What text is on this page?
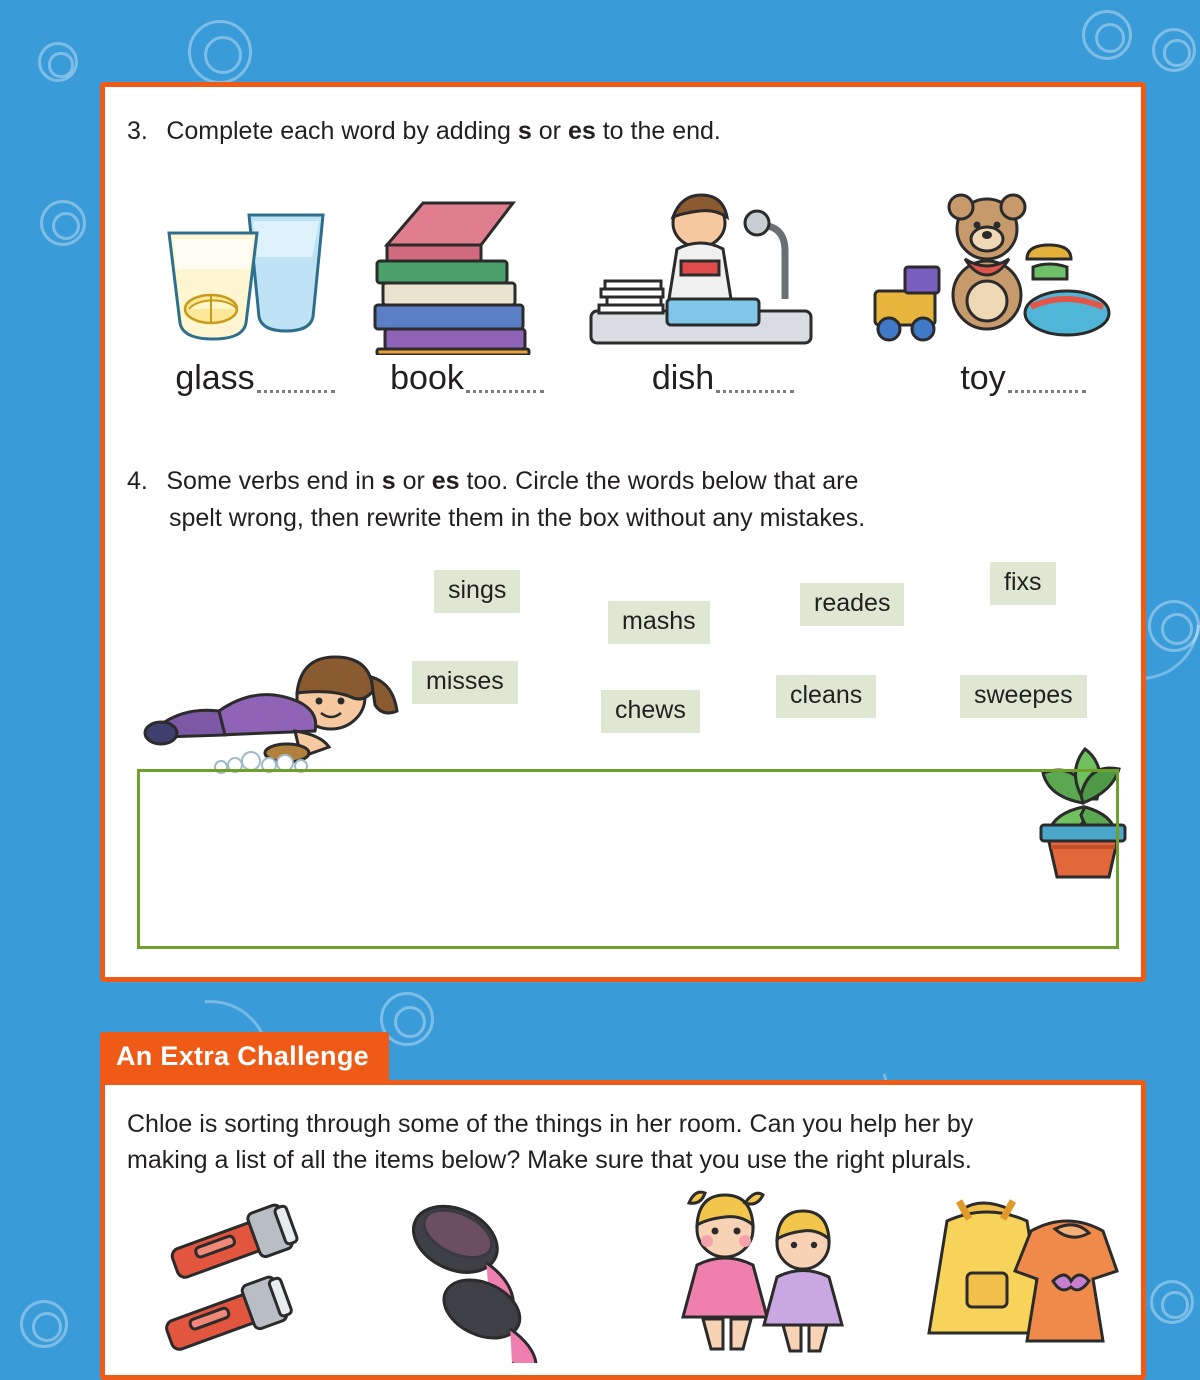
3. Complete each word by adding s or es to the end.
glass	book	dish	toy
4. Some verbs end in s or es too. Circle the words below that are
spelt wrong, then rewrite them in the box without any mistakes.
sings
mashs
reades
fixs
misses
chews
cleans	sweepes
An Extra Challenge
Chloe is sorting through some of the things in her room. Can you help her by
making a list of all the items below? Make sure that you use the right plurals.
